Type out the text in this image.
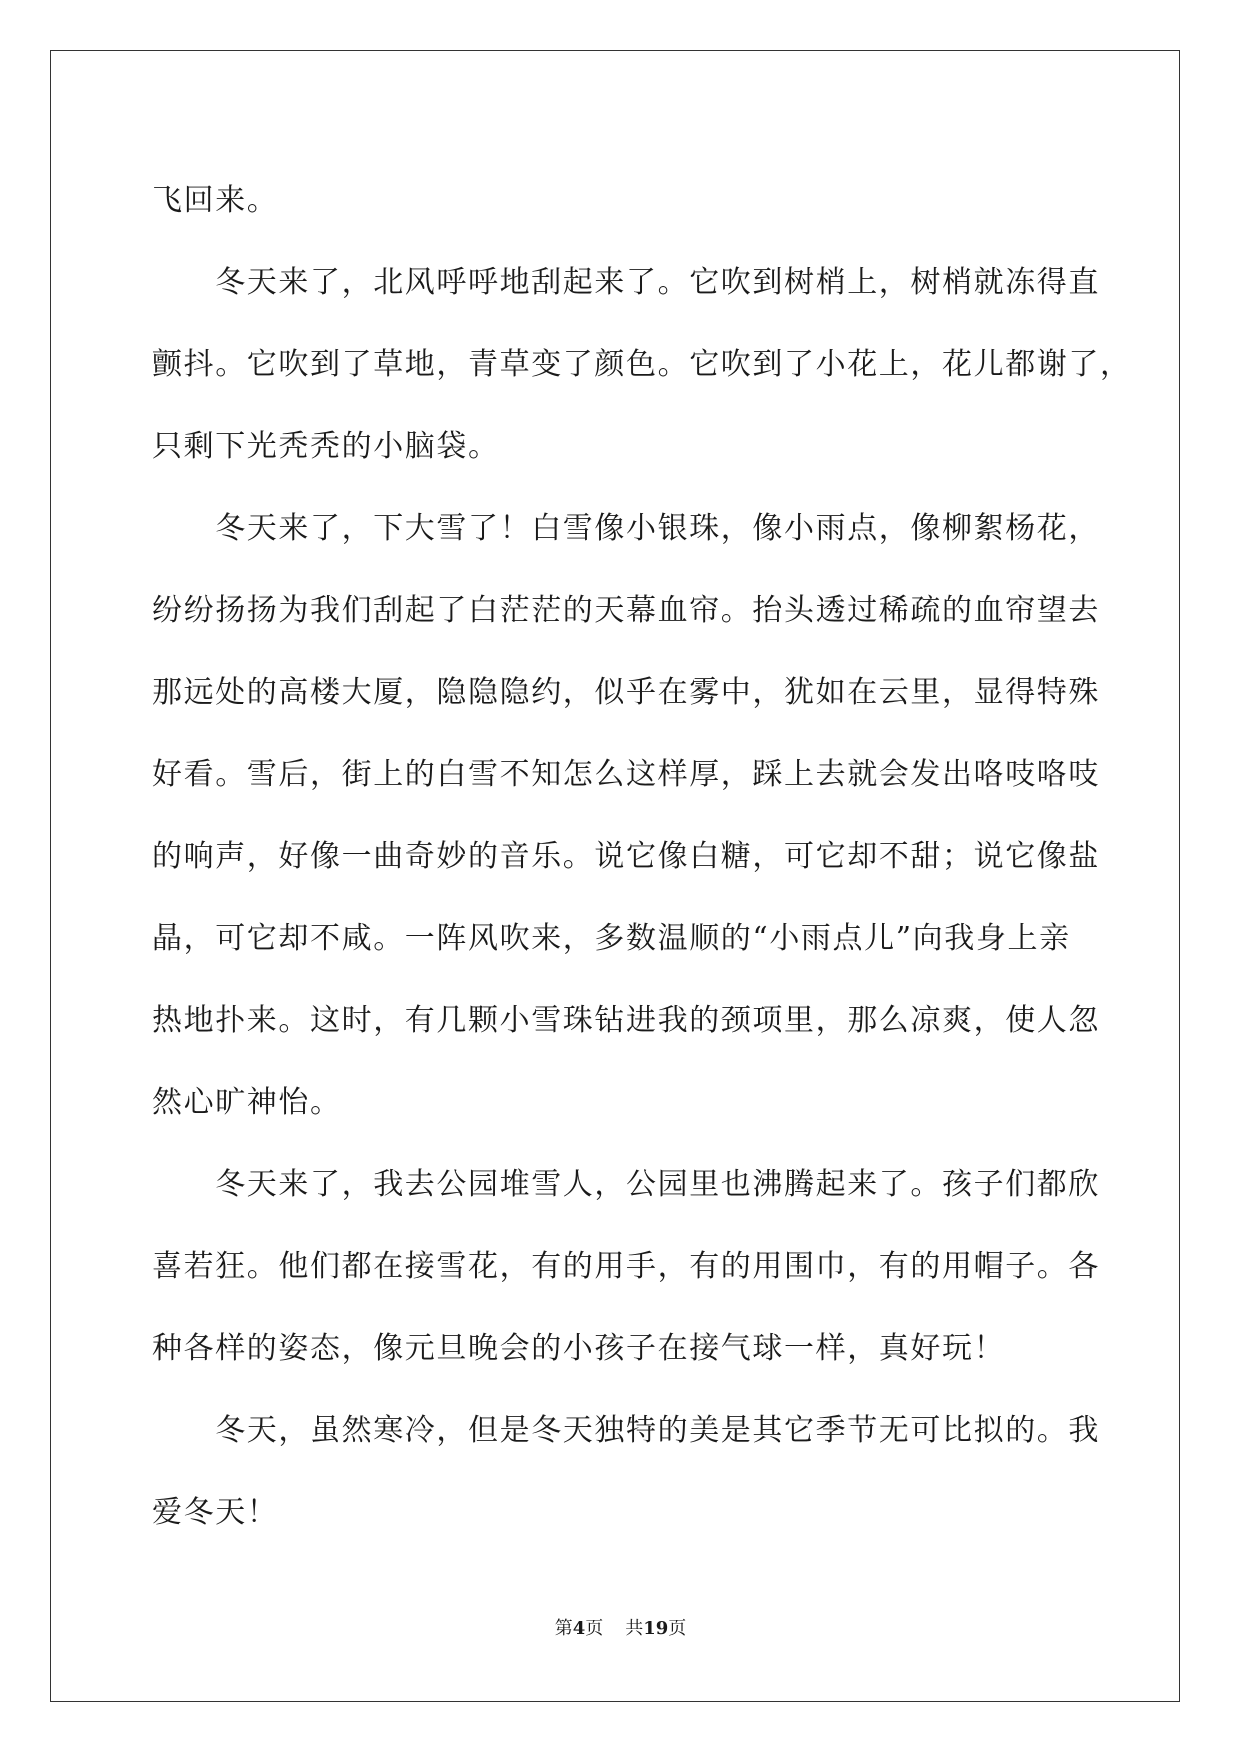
飞回来。

　　冬天来了，北风呼呼地刮起来了。它吹到树梢上，树梢就冻得直

颤抖。它吹到了草地，青草变了颜色。它吹到了小花上，花儿都谢了，

只剩下光秃秃的小脑袋。

　　冬天来了，下大雪了！白雪像小银珠，像小雨点，像柳絮杨花，

纷纷扬扬为我们刮起了白茫茫的天幕血帘。抬头透过稀疏的血帘望去

那远处的高楼大厦，隐隐隐约，似乎在雾中，犹如在云里，显得特殊

好看。雪后，街上的白雪不知怎么这样厚，踩上去就会发出咯吱咯吱

的响声，好像一曲奇妙的音乐。说它像白糖，可它却不甜；说它像盐

晶，可它却不咸。一阵风吹来，多数温顺的“小雨点儿”向我身上亲

热地扑来。这时，有几颗小雪珠钻进我的颈项里，那么凉爽，使人忽

然心旷神怡。

　　冬天来了，我去公园堆雪人，公园里也沸腾起来了。孩子们都欣

喜若狂。他们都在接雪花，有的用手，有的用围巾，有的用帽子。各

种各样的姿态，像元旦晚会的小孩子在接气球一样，真好玩！

　　冬天，虽然寒冷，但是冬天独特的美是其它季节无可比拟的。我

爱冬天！

第4页 共19页
